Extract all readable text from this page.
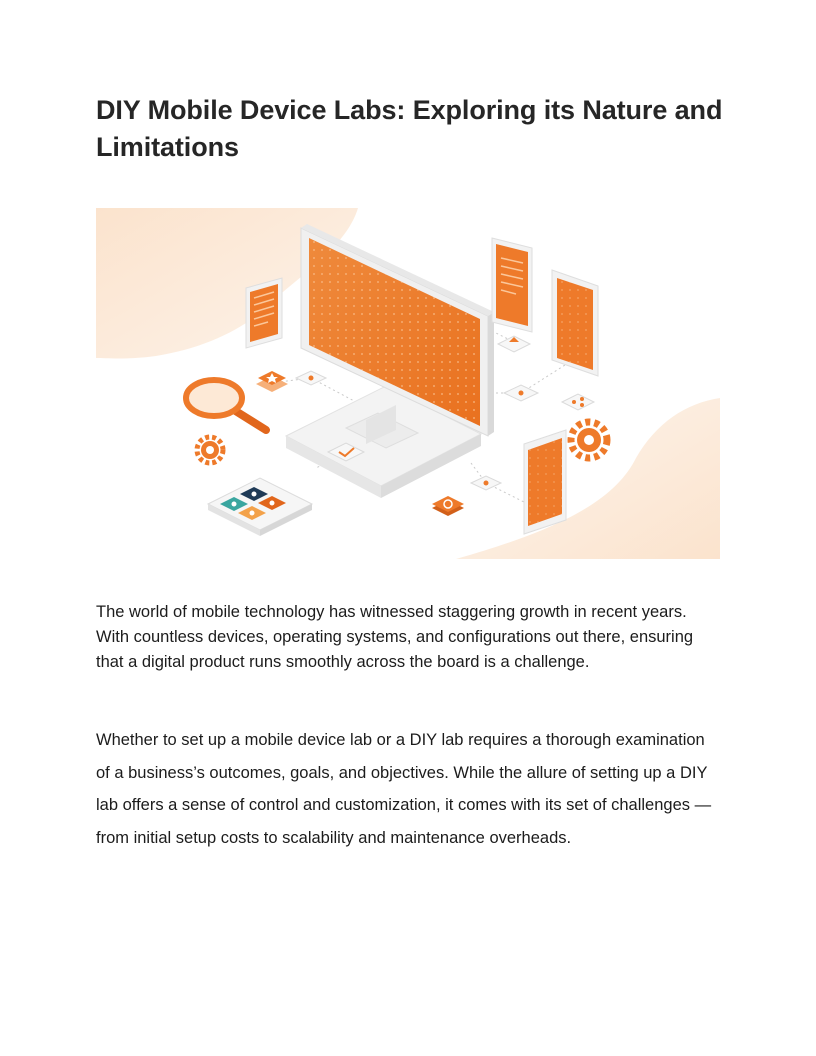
DIY Mobile Device Labs: Exploring its Nature and Limitations

The world of mobile technology has witnessed staggering growth in recent years. With countless devices, operating systems, and configurations out there, ensuring that a digital product runs smoothly across the board is a challenge.

Whether to set up a mobile device lab or a DIY lab requires a thorough examination of a business’s outcomes, goals, and objectives. While the allure of setting up a DIY lab offers a sense of control and customization, it comes with its set of challenges — from initial setup costs to scalability and maintenance overheads.
